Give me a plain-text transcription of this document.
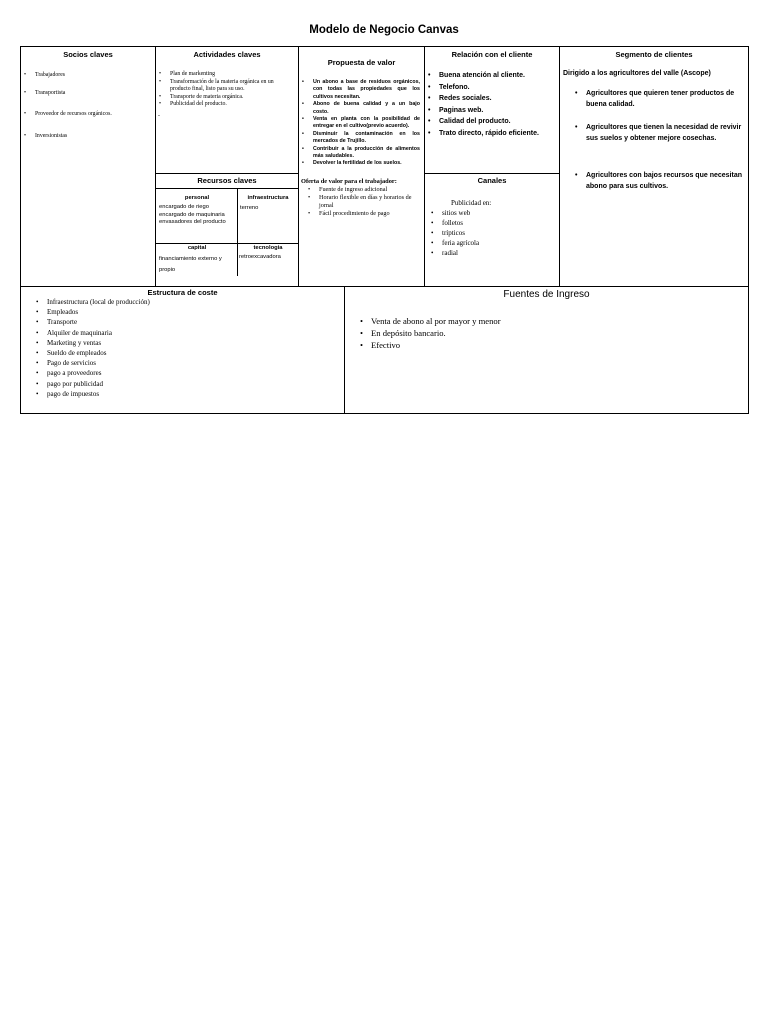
Modelo de Negocio Canvas
Socios claves
• Trabajadores
• Transportista
• Proveedor de recursos orgánicos.
• Inversionistas
Actividades claves
• Plan de markenting
• Transformación de la materia orgánica en un producto final, listo para su uso.
• Transporte de materia orgánica.
• Publicidad del producto.
-
Recursos claves
personal
encargado de riego encargado de maquinaria envasadores del producto
infraestructura
terreno
capital
financiamiento externo y propio
tecnologia
retroexcavadora
Propuesta de valor
• Un abono a base de residuos orgánicos, con todas las propiedades que los cultivos necesitan.
• Abono de buena calidad y a un bajo costo.
• Venta en planta con la posibilidad de entregar en el cultivo(previo acuerdo).
• Disminuir la contaminación en los mercados de Trujillo.
• Contribuir a la producción de alimentos más saludables.
• Devolver la fertilidad de los suelos.
Oferta de valor para el trabajador:
• Fuente de ingreso adicional
• Horario flexible en días y horarios de jornal
• Fácil procedimiento de pago
Relación con el cliente
• Buena atención al cliente.
• Telefono.
• Redes sociales.
• Paginas web.
• Calidad del producto.
• Trato directo, rápido eficiente.
Canales
Publicidad en:
• sitios web
• folletos
• trípticos
• feria agrícola
• radial
Segmento de clientes
Dirigido a los agricultores del valle (Ascope)
• Agricultores que quieren tener productos de buena calidad.
• Agricultores que tienen la necesidad de revivir sus suelos y obtener mejore cosechas.
• Agricultores con bajos recursos que necesitan abono para sus cultivos.
Estructura de coste
• Infraestructura (local de producción)
• Empleados
• Transporte
• Alquiler de maquinaria
• Marketing y ventas
• Sueldo de empleados
• Pago de servicios
• pago a proveedores
• pago por publicidad
• pago de impuestos
Fuentes de Ingreso
• Venta de abono al por mayor y menor
• En depósito bancario.
• Efectivo
